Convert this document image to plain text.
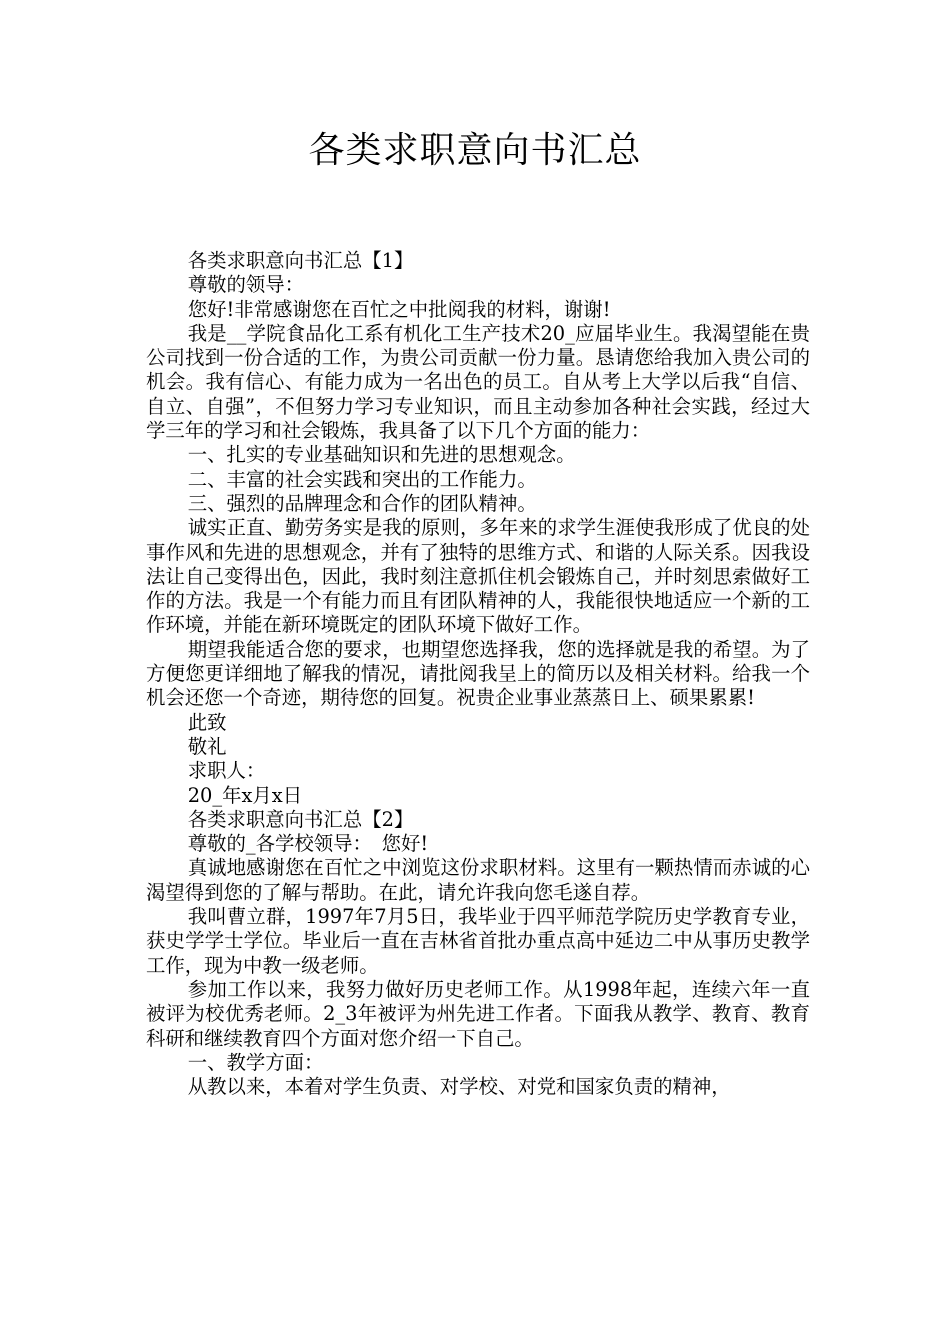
各类求职意向书汇总

各类求职意向书汇总【1】

尊敬的领导：

您好!非常感谢您在百忙之中批阅我的材料，谢谢!

我是__学院食品化工系有机化工生产技术20_应届毕业生。我渴望能在贵公司找到一份合适的工作，为贵公司贡献一份力量。恳请您给我加入贵公司的机会。我有信心、有能力成为一名出色的员工。自从考上大学以后我“自信、自立、自强”，不但努力学习专业知识，而且主动参加各种社会实践，经过大学三年的学习和社会锻炼，我具备了以下几个方面的能力：

一、扎实的专业基础知识和先进的思想观念。

二、丰富的社会实践和突出的工作能力。

三、强烈的品牌理念和合作的团队精神。

诚实正直、勤劳务实是我的原则，多年来的求学生涯使我形成了优良的处事作风和先进的思想观念，并有了独特的思维方式、和谐的人际关系。因我设法让自己变得出色，因此，我时刻注意抓住机会锻炼自己，并时刻思索做好工作的方法。我是一个有能力而且有团队精神的人，我能很快地适应一个新的工作环境，并能在新环境既定的团队环境下做好工作。

期望我能适合您的要求，也期望您选择我，您的选择就是我的希望。为了方便您更详细地了解我的情况，请批阅我呈上的简历以及相关材料。给我一个机会还您一个奇迹，期待您的回复。祝贵企业事业蒸蒸日上、硕果累累!

此致

敬礼

求职人：

20_年x月x日

各类求职意向书汇总【2】

尊敬的_各学校领导：　您好!

真诚地感谢您在百忙之中浏览这份求职材料。这里有一颗热情而赤诚的心渴望得到您的了解与帮助。在此，请允许我向您毛遂自荐。

我叫曹立群，1997年7月5日，我毕业于四平师范学院历史学教育专业，获史学学士学位。毕业后一直在吉林省首批办重点高中延边二中从事历史教学工作，现为中教一级老师。

参加工作以来，我努力做好历史老师工作。从1998年起，连续六年一直被评为校优秀老师。2_3年被评为州先进工作者。下面我从教学、教育、教育科研和继续教育四个方面对您介绍一下自己。

一、教学方面：

从教以来，本着对学生负责、对学校、对党和国家负责的精神，
